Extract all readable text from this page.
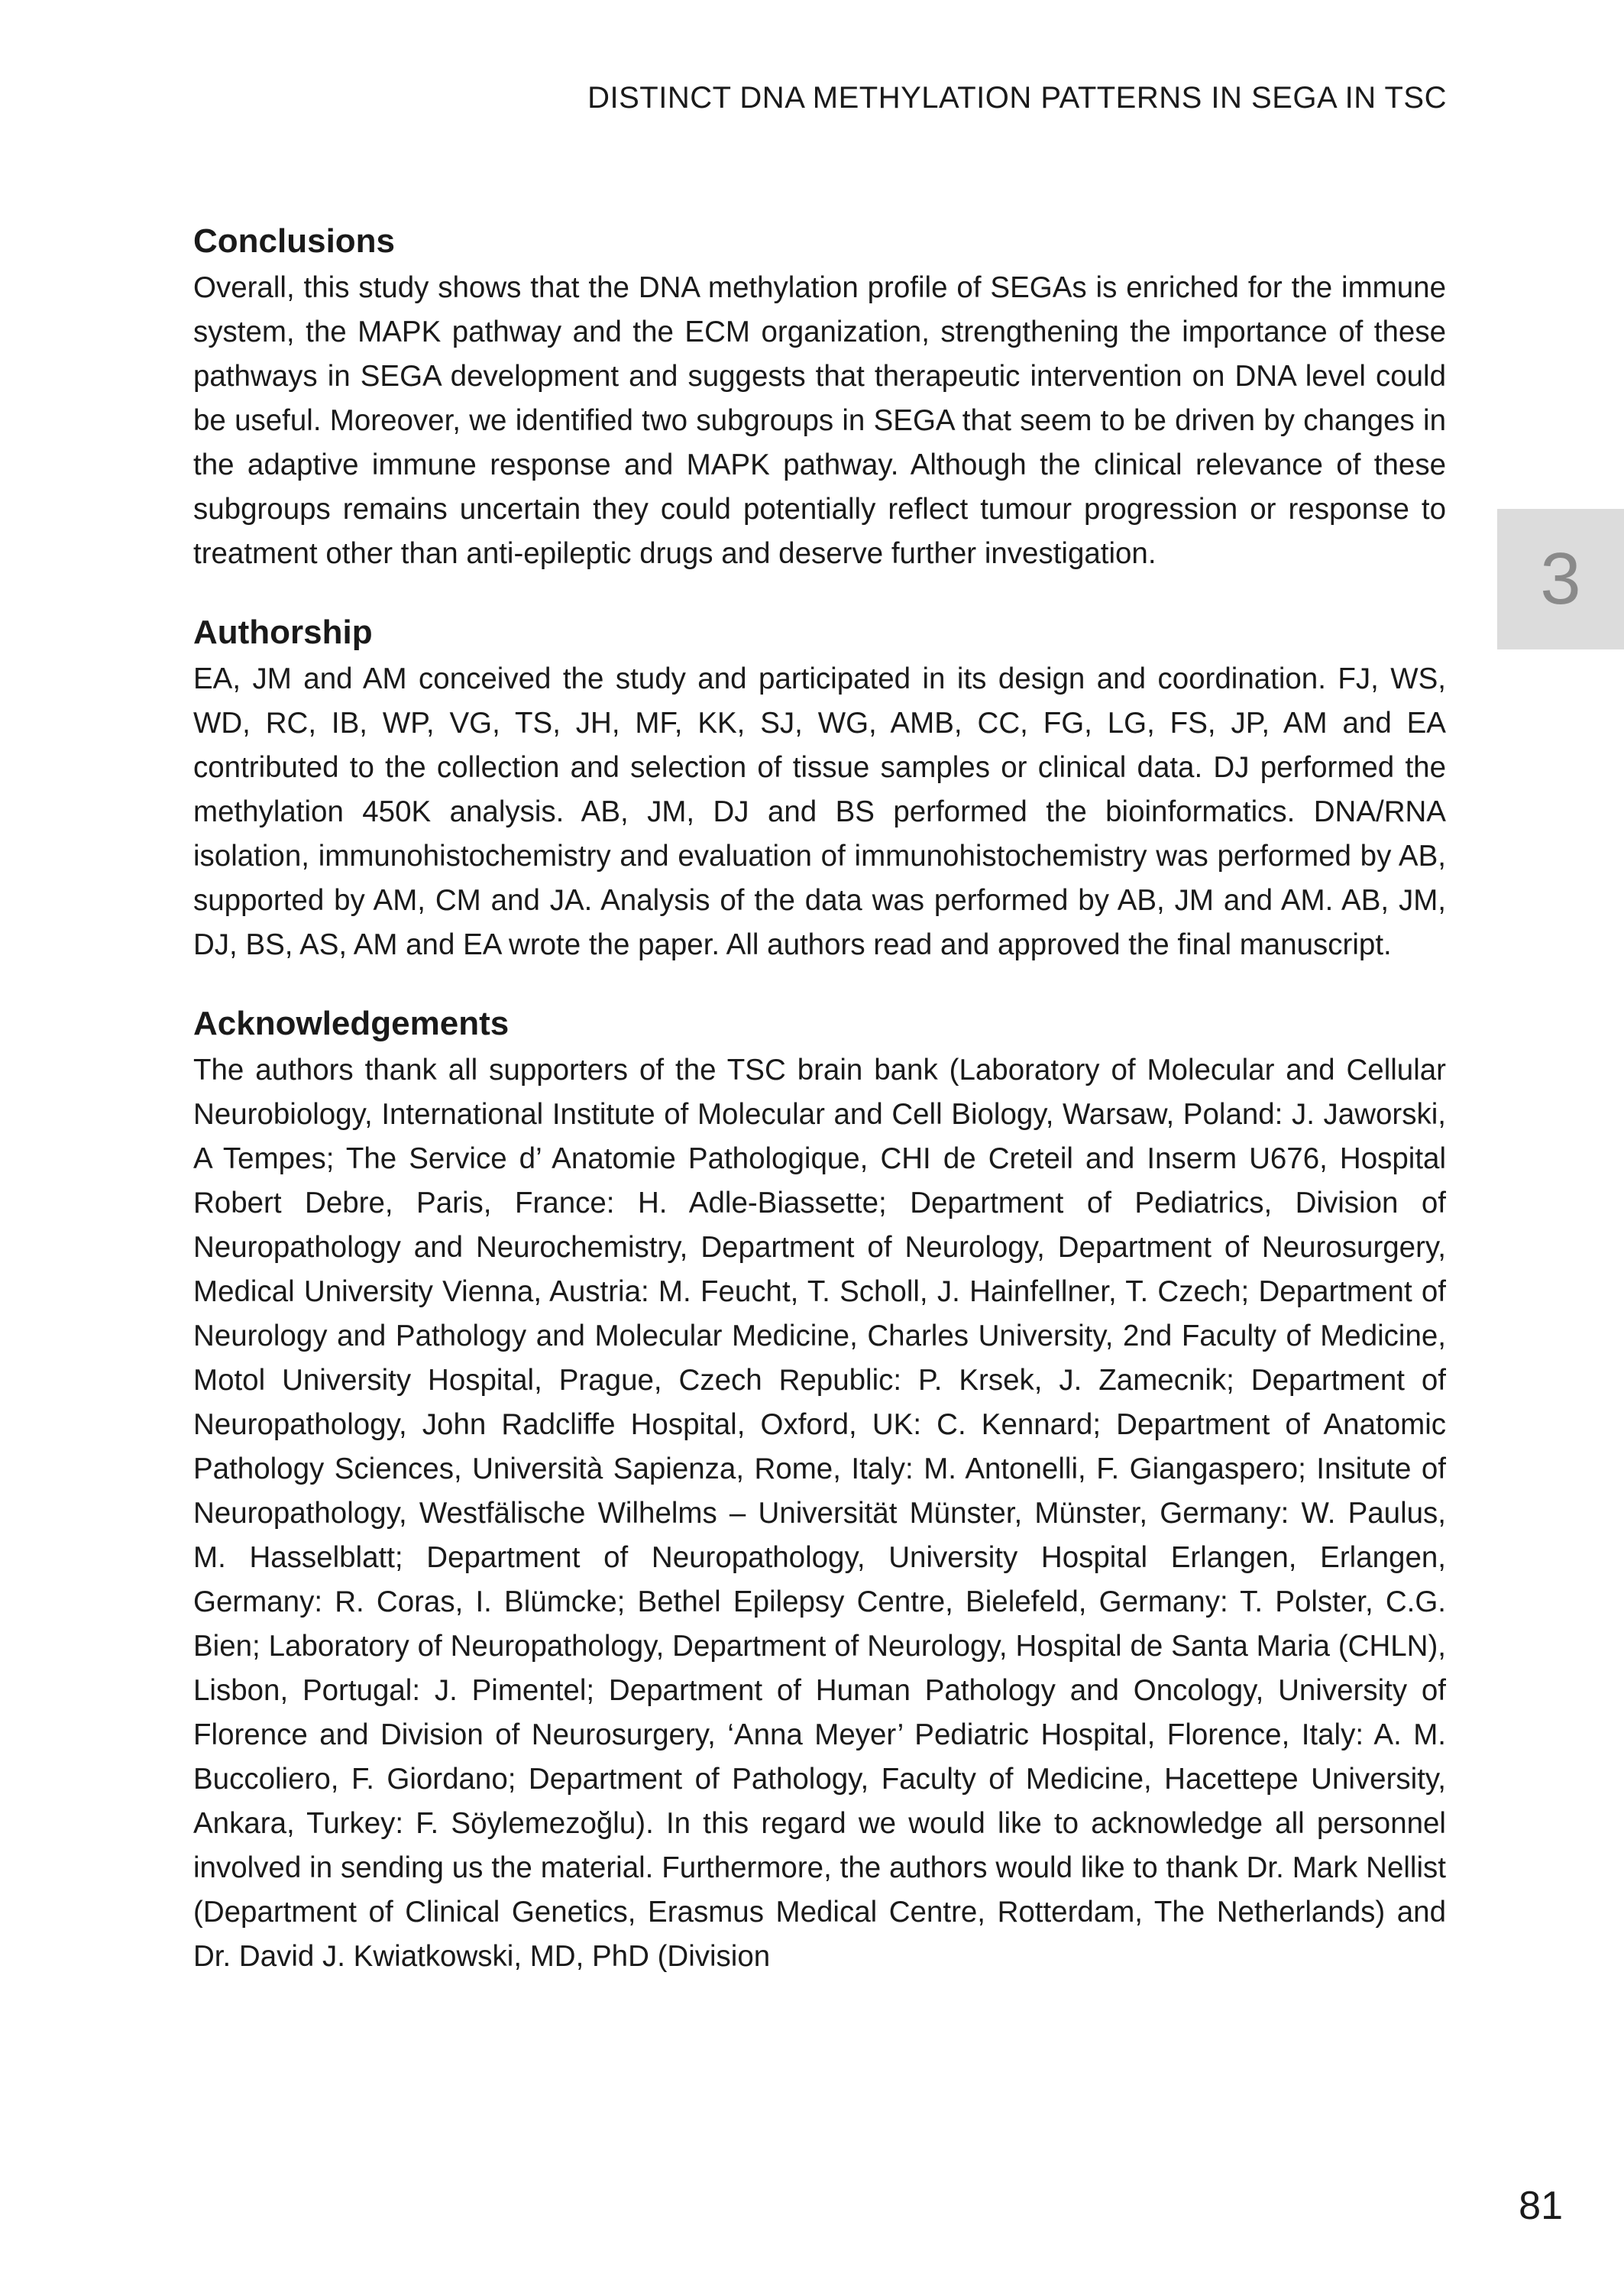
DISTINCT DNA METHYLATION PATTERNS IN SEGA IN TSC
3
Conclusions

Overall, this study shows that the DNA methylation profile of SEGAs is enriched for the immune system, the MAPK pathway and the ECM organization, strengthening the importance of these pathways in SEGA development and suggests that therapeutic intervention on DNA level could be useful. Moreover, we identified two subgroups in SEGA that seem to be driven by changes in the adaptive immune response and MAPK pathway. Although the clinical relevance of these subgroups remains uncertain they could potentially reflect tumour progression or response to treatment other than anti-epileptic drugs and deserve further investigation.

Authorship

EA, JM and AM conceived the study and participated in its design and coordination. FJ, WS, WD, RC, IB, WP, VG, TS, JH, MF, KK, SJ, WG, AMB, CC, FG, LG, FS, JP, AM and EA contributed to the collection and selection of tissue samples or clinical data. DJ performed the methylation 450K analysis. AB, JM, DJ and BS performed the bioinformatics. DNA/RNA isolation, immunohistochemistry and evaluation of immunohistochemistry was performed by AB, supported by AM, CM and JA. Analysis of the data was performed by AB, JM and AM. AB, JM, DJ, BS, AS, AM and EA wrote the paper. All authors read and approved the final manuscript.

Acknowledgements

The authors thank all supporters of the TSC brain bank (Laboratory of Molecular and Cellular Neurobiology, International Institute of Molecular and Cell Biology, Warsaw, Poland: J. Jaworski, A Tempes; The Service d’ Anatomie Pathologique, CHI de Creteil and Inserm U676, Hospital Robert Debre, Paris, France: H. Adle-Biassette; Department of Pediatrics, Division of Neuropathology and Neurochemistry, Department of Neurology, Department of Neurosurgery, Medical University Vienna, Austria: M. Feucht, T. Scholl, J. Hainfellner, T. Czech; Department of Neurology and Pathology and Molecular Medicine, Charles University, 2nd Faculty of Medicine, Motol University Hospital, Prague, Czech Republic: P. Krsek, J. Zamecnik; Department of Neuropathology, John Radcliffe Hospital, Oxford, UK: C. Kennard; Department of Anatomic Pathology Sciences, Università Sapienza, Rome, Italy: M. Antonelli, F. Giangaspero; Insitute of Neuropathology, Westfälische Wilhelms – Universität Münster, Münster, Germany: W. Paulus, M. Hasselblatt; Department of Neuropathology, University Hospital Erlangen, Erlangen, Germany: R. Coras, I. Blümcke; Bethel Epilepsy Centre, Bielefeld, Germany: T. Polster, C.G. Bien; Laboratory of Neuropathology, Department of Neurology, Hospital de Santa Maria (CHLN), Lisbon, Portugal: J. Pimentel; Department of Human Pathology and Oncology, University of Florence and Division of Neurosurgery, ‘Anna Meyer’ Pediatric Hospital, Florence, Italy: A. M. Buccoliero, F. Giordano; Department of Pathology, Faculty of Medicine, Hacettepe University, Ankara, Turkey: F. Söylemezoğlu). In this regard we would like to acknowledge all personnel involved in sending us the material. Furthermore, the authors would like to thank Dr. Mark Nellist (Department of Clinical Genetics, Erasmus Medical Centre, Rotterdam, The Netherlands) and Dr. David J. Kwiatkowski, MD, PhD (Division

81
